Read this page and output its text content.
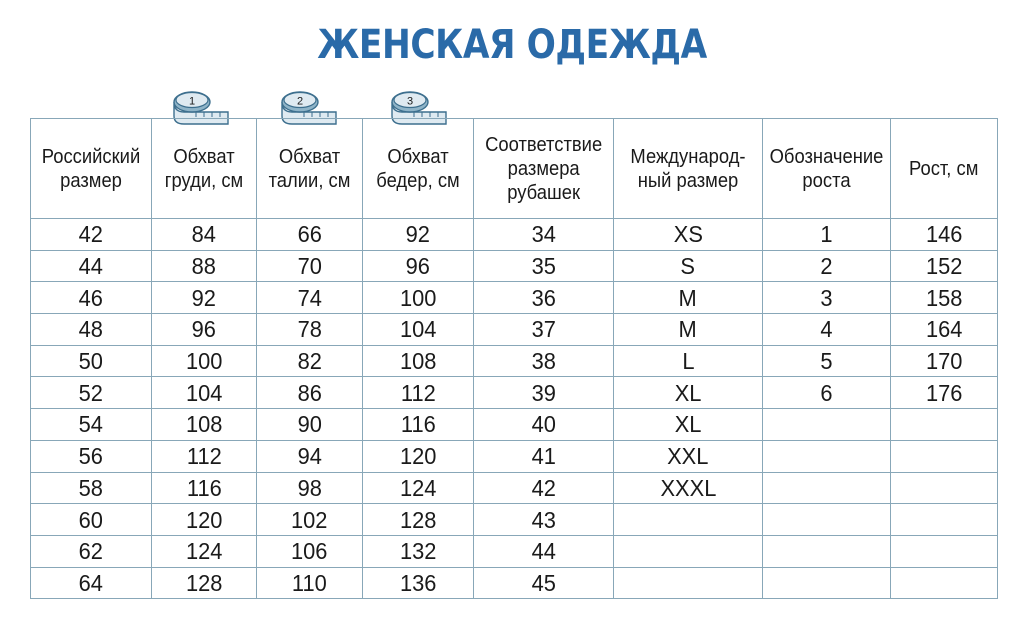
ЖЕНСКАЯ ОДЕЖДА
1	2	3
Российский размер	Обхват груди, см	Обхват талии, см	Обхват бедер, см	Соответствие размера рубашек	Международ-ный размер	Обозначение роста	Рост, см
42	84	66	92	34	XS	1	146
44	88	70	96	35	S	2	152
46	92	74	100	36	M	3	158
48	96	78	104	37	M	4	164
50	100	82	108	38	L	5	170
52	104	86	112	39	XL	6	176
54	108	90	116	40	XL		
56	112	94	120	41	XXL		
58	116	98	124	42	XXXL		
60	120	102	128	43			
62	124	106	132	44			
64	128	110	136	45			
